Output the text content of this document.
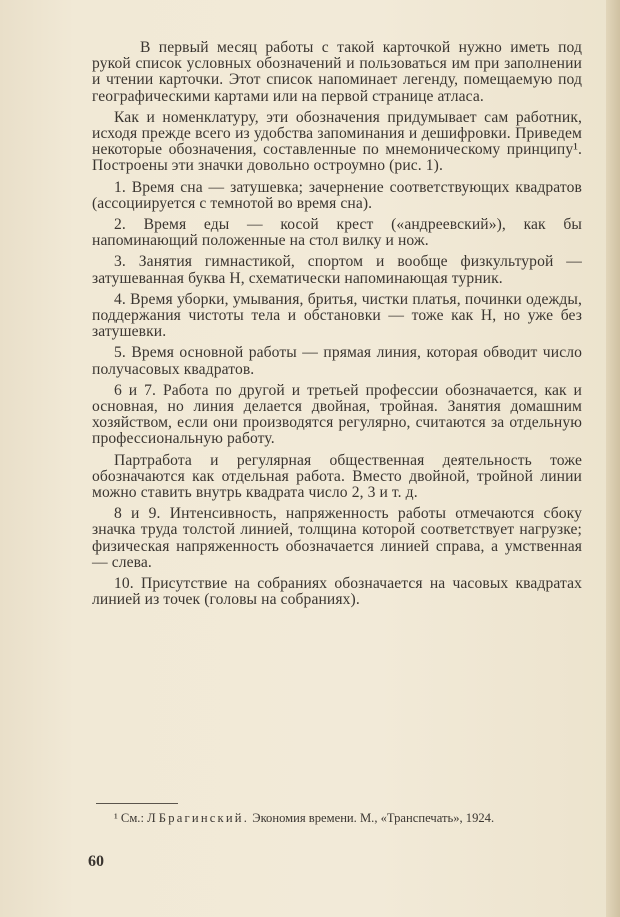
В первый месяц работы с такой карточкой нужно иметь под рукой список условных обозначений и пользоваться им при заполнении и чтении карточки. Этот список напоминает легенду, помещаемую под географическими картами или на первой странице атласа.

Как и номенклатуру, эти обозначения придумывает сам работник, исходя прежде всего из удобства запоминания и дешифровки. Приведем некоторые обозначения, составленные по мнемоническому принципу¹. Построены эти значки довольно остроумно (рис. 1).

1. Время сна — затушевка; зачернение соответствующих квадратов (ассоциируется с темнотой во время сна).

2. Время еды — косой крест («андреевский»), как бы напоминающий положенные на стол вилку и нож.

3. Занятия гимнастикой, спортом и вообще физкультурой — затушеванная буква Н, схематически напоминающая турник.

4. Время уборки, умывания, бритья, чистки платья, починки одежды, поддержания чистоты тела и обстановки — тоже как Н, но уже без затушевки.

5. Время основной работы — прямая линия, которая обводит число получасовых квадратов.

6 и 7. Работа по другой и третьей профессии обозначается, как и основная, но линия делается двойная, тройная. Занятия домашним хозяйством, если они производятся регулярно, считаются за отдельную профессиональную работу.

Партработа и регулярная общественная деятельность тоже обозначаются как отдельная работа. Вместо двойной, тройной линии можно ставить внутрь квадрата число 2, 3 и т. д.

8 и 9. Интенсивность, напряженность работы отмечаются сбоку значка труда толстой линией, толщина которой соответствует нагрузке; физическая напряженность обозначается линией справа, а умственная — слева.

10. Присутствие на собраниях обозначается на часовых квадратах линией из точек (головы на собраниях).

¹ См.: Л Брагинский. Экономия времени. М., «Транспечать», 1924.
60
